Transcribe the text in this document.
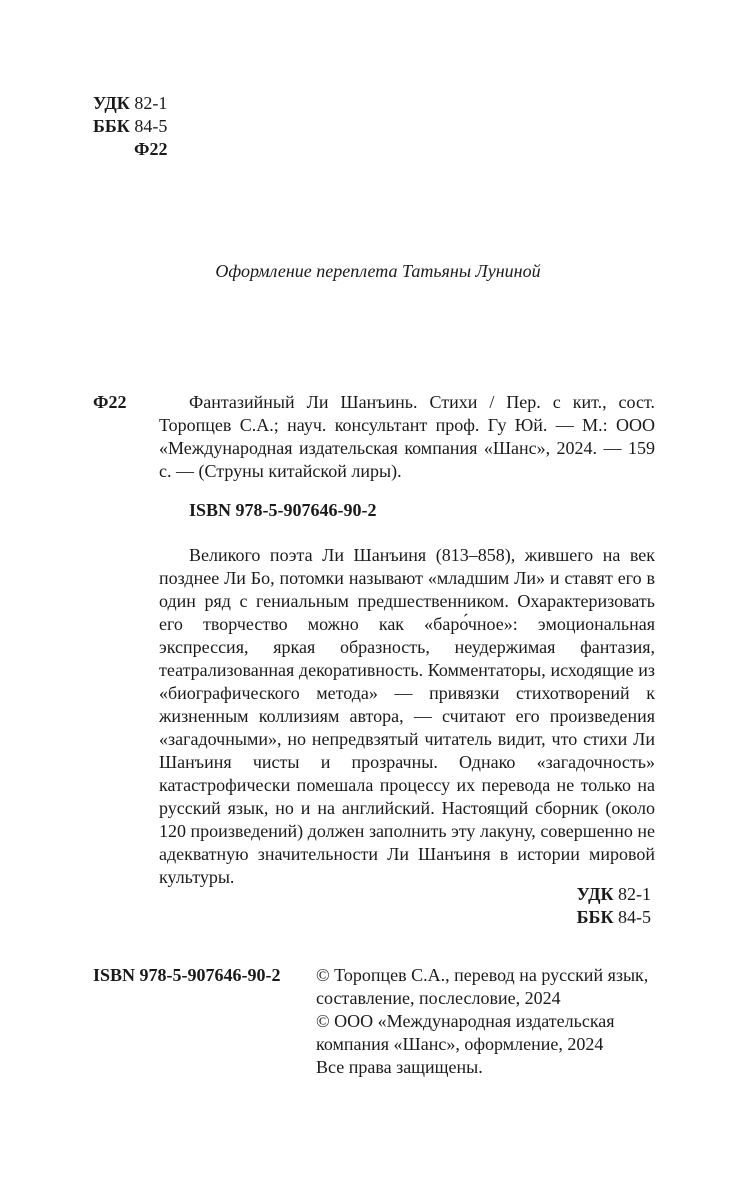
УДК 82-1
ББК 84-5
Ф22
Оформление переплета Татьяны Луниной
Ф22	Фантазийный Ли Шанъинь. Стихи / Пер. с кит., сост. Торопцев С.А.; науч. консультант проф. Гу Юй. — М.: ООО «Международная издательская компания «Шанс», 2024. — 159 с. — (Струны китайской лиры).

ISBN 978-5-907646-90-2

Великого поэта Ли Шанъиня (813–858), жившего на век позднее Ли Бо, потомки называют «младшим Ли» и ставят его в один ряд с гениальным предшественником. Охарактеризовать его творчество можно как «баро́чное»: эмоциональная экспрессия, яркая образность, неудержимая фантазия, театрализованная декоративность. Комментаторы, исходящие из «биографического метода» — привязки стихотворений к жизненным коллизиям автора, — считают его произведения «загадочными», но непредвзятый читатель видит, что стихи Ли Шанъиня чисты и прозрачны. Однако «загадочность» катастрофически помешала процессу их перевода не только на русский язык, но и на английский. Настоящий сборник (около 120 произведений) должен заполнить эту лакуну, совершенно не адекватную значительности Ли Шанъиня в истории мировой культуры.

УДК 82-1
ББК 84-5
ISBN 978-5-907646-90-2 © Торопцев С.А., перевод на русский язык,
составление, послесловие, 2024
© ООО «Международная издательская
компания «Шанс», оформление, 2024
Все права защищены.
